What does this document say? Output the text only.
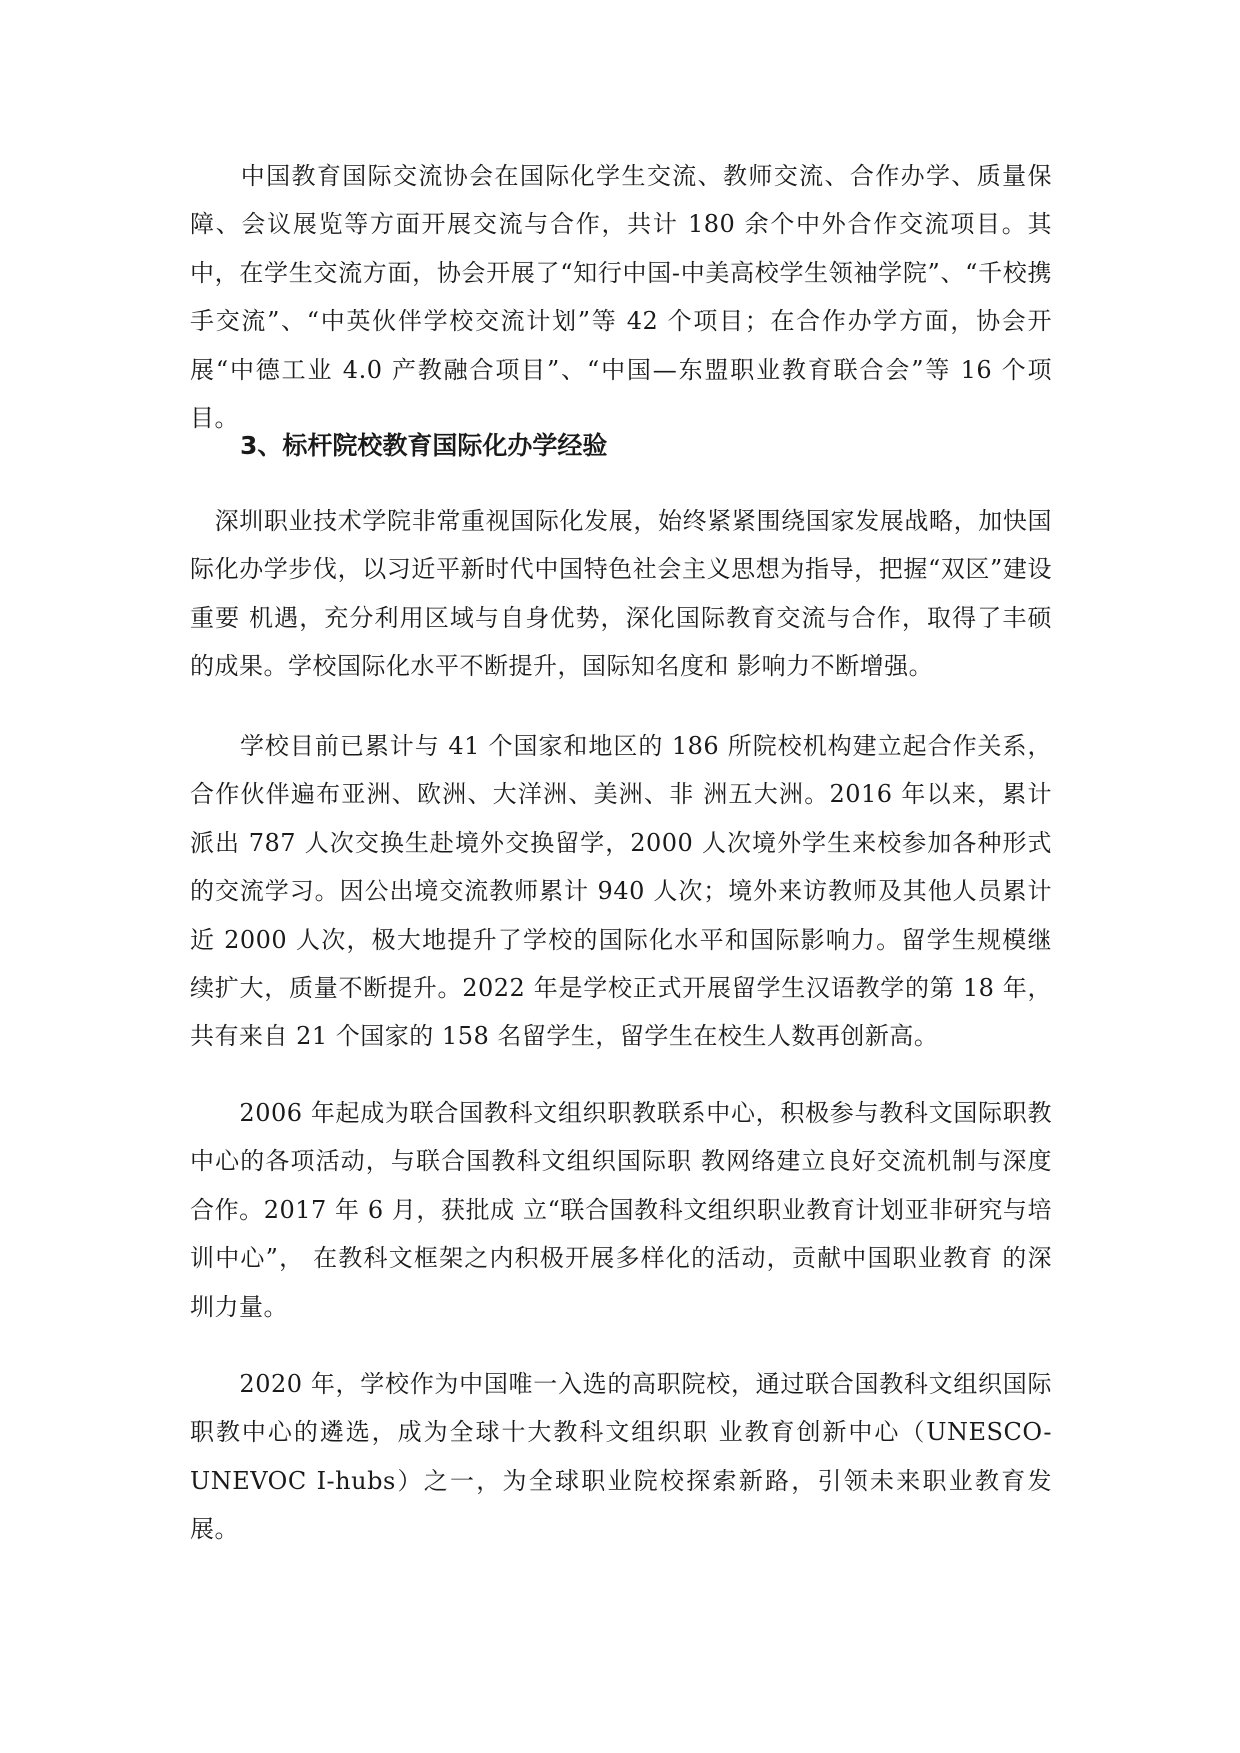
　　中国教育国际交流协会在国际化学生交流、教师交流、合作办学、质量保障、会议展览等方面开展交流与合作，共计 180 余个中外合作交流项目。其中，在学生交流方面，协会开展了“知行中国-中美高校学生领袖学院”、“千校携手交流”、“中英伙伴学校交流计划”等 42 个项目；在合作办学方面，协会开展“中德工业 4.0 产教融合项目”、“中国—东盟职业教育联合会”等 16 个项目。

3、标杆院校教育国际化办学经验

　深圳职业技术学院非常重视国际化发展，始终紧紧围绕国家发展战略，加快国际化办学步伐，以习近平新时代中国特色社会主义思想为指导，把握“双区”建设重要 机遇，充分利用区域与自身优势，深化国际教育交流与合作，取得了丰硕的成果。学校国际化水平不断提升，国际知名度和 影响力不断增强。

　　学校目前已累计与 41 个国家和地区的 186 所院校机构建立起合作关系，合作伙伴遍布亚洲、欧洲、大洋洲、美洲、非 洲五大洲。2016 年以来，累计派出 787 人次交换生赴境外交换留学，2000 人次境外学生来校参加各种形式的交流学习。因公出境交流教师累计 940 人次；境外来访教师及其他人员累计近 2000 人次，极大地提升了学校的国际化水平和国际影响力。留学生规模继续扩大，质量不断提升。2022 年是学校正式开展留学生汉语教学的第 18 年， 共有来自 21 个国家的 158 名留学生，留学生在校生人数再创新高。

　　2006 年起成为联合国教科文组织职教联系中心，积极参与教科文国际职教中心的各项活动，与联合国教科文组织国际职 教网络建立良好交流机制与深度合作。2017 年 6 月，获批成 立“联合国教科文组织职业教育计划亚非研究与培训中心”， 在教科文框架之内积极开展多样化的活动，贡献中国职业教育 的深圳力量。

　　2020 年，学校作为中国唯一入选的高职院校，通过联合国教科文组织国际职教中心的遴选，成为全球十大教科文组织职 业教育创新中心（UNESCO-UNEVOC I-hubs）之一，为全球职业院校探索新路，引领未来职业教育发展。
